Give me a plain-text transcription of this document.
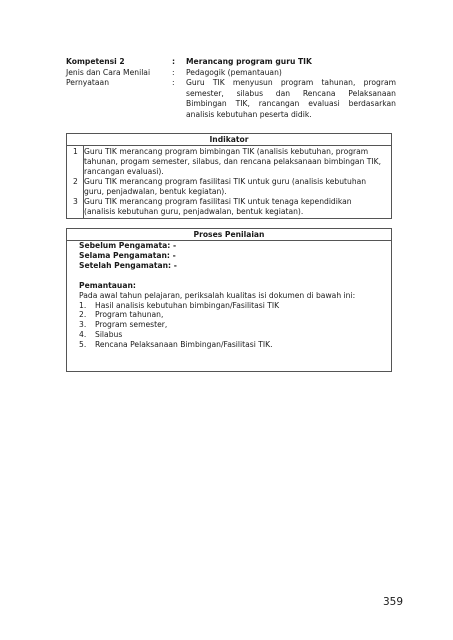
Kompetensi 2	:	Merancang program guru TIK
Jenis dan Cara Menilai	:	Pedagogik (pemantauan)
Pernyataan	:	Guru TIK menyusun program tahunan, program semester, silabus dan Rencana Pelaksanaan Bimbingan TIK, rancangan evaluasi berdasarkan analisis kebutuhan peserta didik.
Indikator	
1	Guru TIK merancang program bimbingan TIK (analisis kebutuhan, program tahunan, progam semester, silabus, dan rencana pelaksanaan bimbingan TIK, rancangan evaluasi).
2	Guru TIK merancang program fasilitasi TIK untuk guru (analisis kebutuhan guru, penjadwalan, bentuk kegiatan).
3	Guru TIK merancang program fasilitasi TIK untuk tenaga kependidikan (analisis kebutuhan guru, penjadwalan, bentuk kegiatan).
Proses Penilaian
Sebelum Pengamata: -
Selama Pengamatan: -
Setelah Pengamatan: -
Pemantauan:
Pada awal tahun pelajaran, periksalah kualitas isi dokumen di bawah ini:
1.	Hasil analisis kebutuhan bimbingan/Fasilitasi TIK
2.	Program tahunan,
3.	Program semester,
4.	Silabus
5.	Rencana Pelaksanaan Bimbingan/Fasilitasi TIK.
359
